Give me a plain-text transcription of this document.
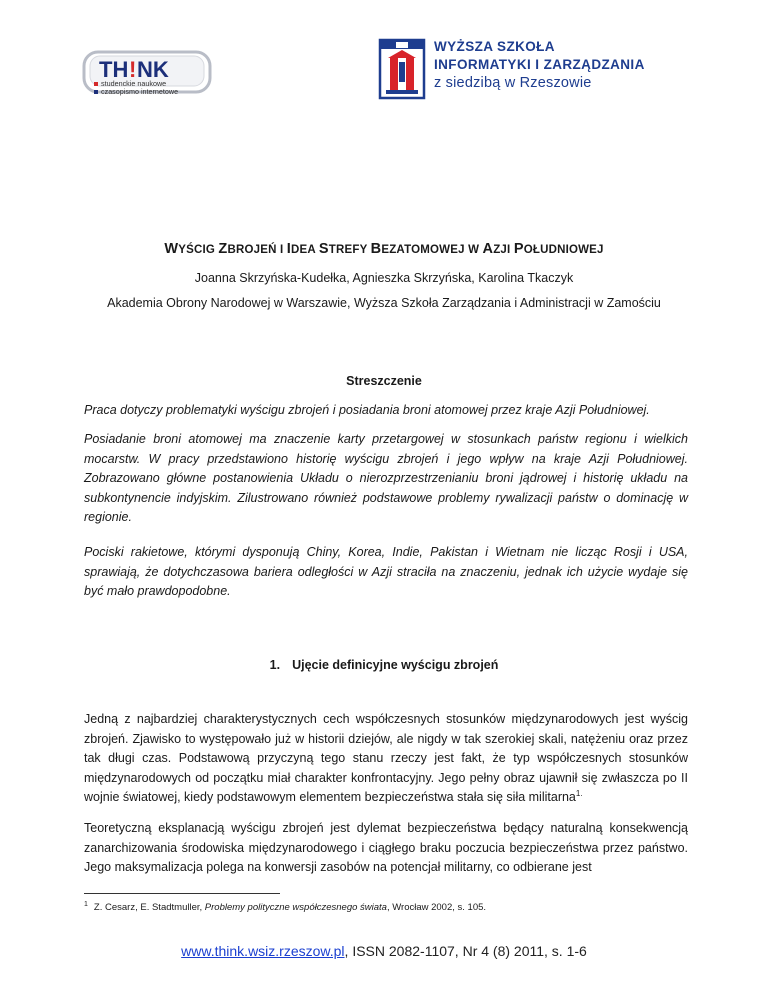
TH ! NK
studenckie naukowe
czasopismo internetowe
WYŻSZA SZKOŁA
INFORMATYKI I ZARZĄDZANIA
z siedzibą w Rzeszowie
WYŚCIG ZBROJEŃ I IDEA STREFY BEZATOMOWEJ W AZJI POŁUDNIOWEJ
Joanna Skrzyńska-Kudełka, Agnieszka Skrzyńska, Karolina Tkaczyk
Akademia Obrony Narodowej w Warszawie, Wyższa Szkoła Zarządzania i Administracji w Zamościu
Streszczenie

Praca dotyczy problematyki wyścigu zbrojeń i posiadania broni atomowej przez kraje Azji Południowej.

Posiadanie broni atomowej ma znaczenie karty przetargowej w stosunkach państw regionu i wielkich mocarstw. W pracy przedstawiono historię wyścigu zbrojeń i jego wpływ na kraje Azji Południowej. Zobrazowano główne postanowienia Układu o nierozprzestrzenianiu broni jądrowej i historię układu na subkontynencie indyjskim. Zilustrowano również podstawowe problemy rywalizacji państw o dominację w regionie.

Pociski rakietowe, którymi dysponują Chiny, Korea, Indie, Pakistan i Wietnam nie licząc Rosji i USA, sprawiają, że dotychczasowa bariera odległości w Azji straciła na znaczeniu, jednak ich użycie wydaje się być mało prawdopodobne.

1. Ujęcie definicyjne wyścigu zbrojeń

Jedną z najbardziej charakterystycznych cech współczesnych stosunków międzynarodowych jest wyścig zbrojeń. Zjawisko to występowało już w historii dziejów, ale nigdy w tak szerokiej skali, natężeniu oraz przez tak długi czas. Podstawową przyczyną tego stanu rzeczy jest fakt, że typ współczesnych stosunków międzynarodowych od początku miał charakter konfrontacyjny. Jego pełny obraz ujawnił się zwłaszcza po II wojnie światowej, kiedy podstawowym elementem bezpieczeństwa stała się siła militarna$^{1.}$

Teoretyczną eksplanacją wyścigu zbrojeń jest dylemat bezpieczeństwa będący naturalną konsekwencją zanarchizowania środowiska międzynarodowego i ciągłego braku poczucia bezpieczeństwa przez państwo. Jego maksymalizacja polega na konwersji zasobów na potencjał militarny, co odbierane jest

$^1$ Z. Cesarz, E. Stadtmuller, Problemy polityczne współczesnego świata, Wrocław 2002, s. 105.
www.think.wsiz.rzeszow.pl, ISSN 2082-1107, Nr 4 (8) 2011, s. 1-6
